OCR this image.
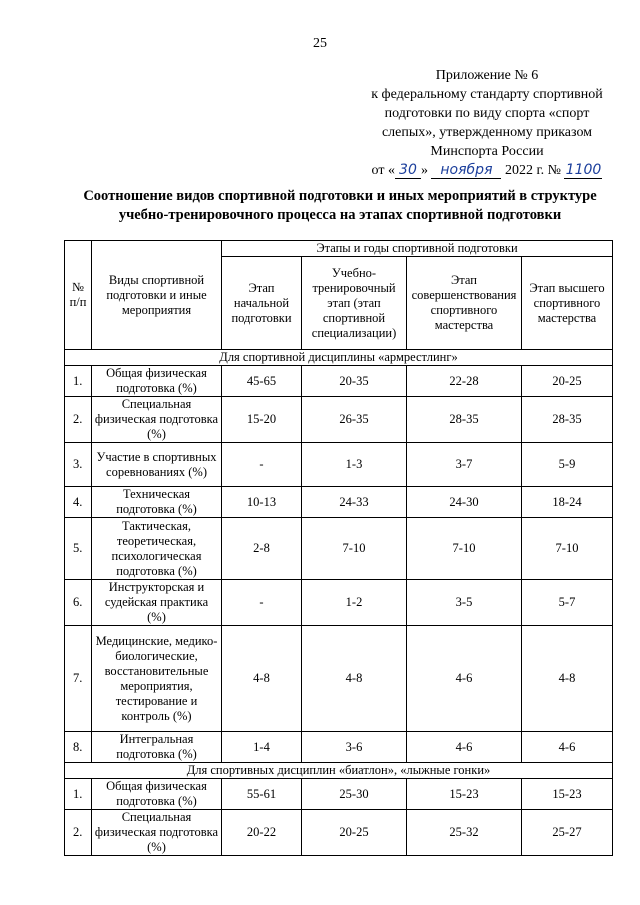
25
Приложение № 6
к федеральному стандарту спортивной
подготовки по виду спорта «спорт
слепых», утвержденному приказом
Минспорта России
от « 30 » ноября 2022 г. № 1100
Соотношение видов спортивной подготовки и иных мероприятий в структуре
учебно-тренировочного процесса на этапах спортивной подготовки
№ п/п	Виды спортивной подготовки и иные мероприятия	Этапы и годы спортивной подготовки			
		Этап начальной подготовки	Учебно-тренировочный этап (этап спортивной специализации)	Этап совершенствования спортивного мастерства	Этап высшего спортивного мастерства
Для спортивной дисциплины «армрестлинг»					
1.	Общая физическая подготовка (%)	45-65	20-35	22-28	20-25
2.	Специальная физическая подготовка (%)	15-20	26-35	28-35	28-35
3.	Участие в спортивных соревнованиях (%)	-	1-3	3-7	5-9
4.	Техническая подготовка (%)	10-13	24-33	24-30	18-24
5.	Тактическая, теоретическая, психологическая подготовка (%)	2-8	7-10	7-10	7-10
6.	Инструкторская и судейская практика (%)	-	1-2	3-5	5-7
7.	Медицинские, медико-биологические, восстановительные мероприятия, тестирование и контроль (%)	4-8	4-8	4-6	4-8
8.	Интегральная подготовка (%)	1-4	3-6	4-6	4-6
Для спортивных дисциплин «биатлон», «лыжные гонки»					
1.	Общая физическая подготовка (%)	55-61	25-30	15-23	15-23
2.	Специальная физическая подготовка (%)	20-22	20-25	25-32	25-27
